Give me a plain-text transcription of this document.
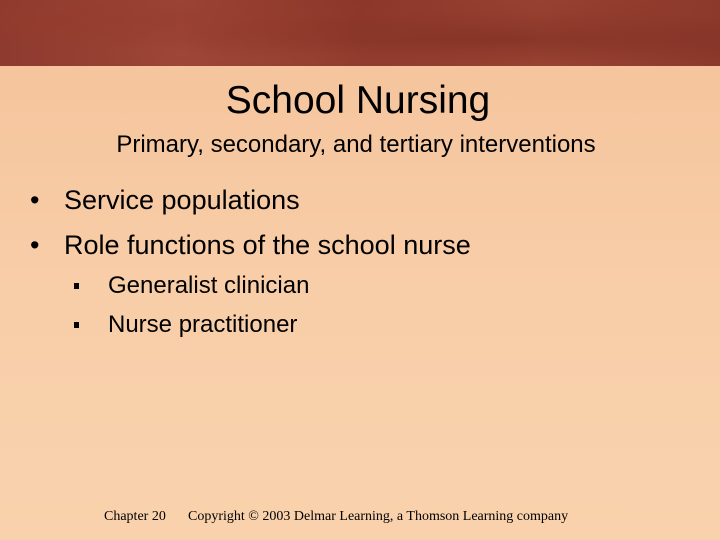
School Nursing
Primary, secondary, and tertiary interventions
• Service populations
• Role functions of the school nurse
Generalist clinician
Nurse practitioner
Chapter 20 Copyright © 2003 Delmar Learning, a Thomson Learning company
